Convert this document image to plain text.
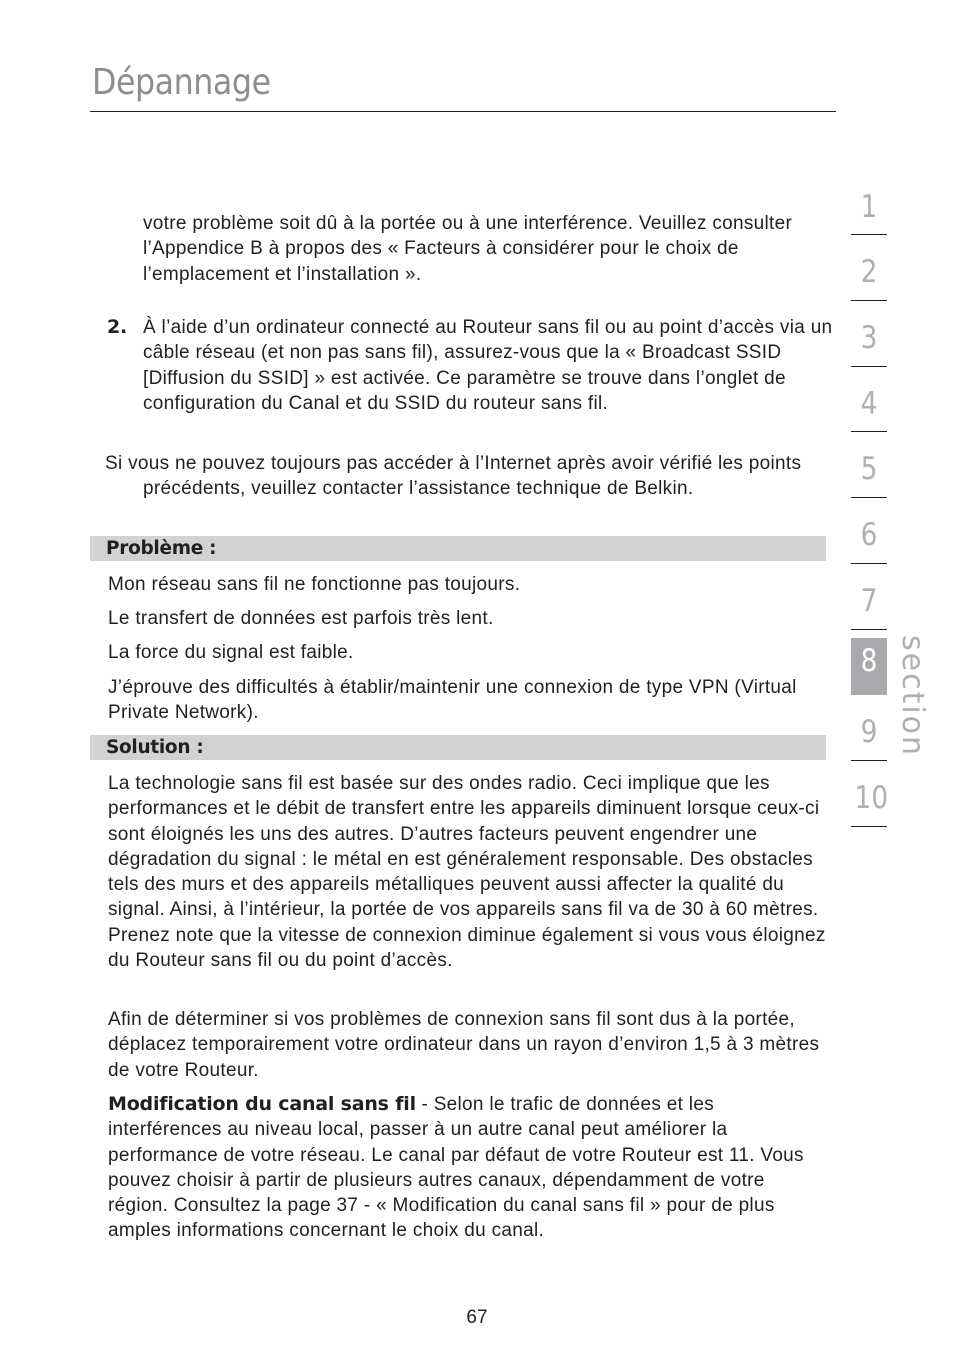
Dépannage
votre problème soit dû à la portée ou à une interférence. Veuillez consulter l’Appendice B à propos des « Facteurs à considérer pour le choix de l’emplacement et l’installation ».
2. À l’aide d’un ordinateur connecté au Routeur sans fil ou au point d’accès via un câble réseau (et non pas sans fil), assurez-vous que la « Broadcast SSID [Diffusion du SSID] » est activée. Ce paramètre se trouve dans l’onglet de configuration du Canal et du SSID du routeur sans fil.
Si vous ne pouvez toujours pas accéder à l’Internet après avoir vérifié les points précédents, veuillez contacter l’assistance technique de Belkin.
Problème :
Mon réseau sans fil ne fonctionne pas toujours.
Le transfert de données est parfois très lent.
La force du signal est faible.
J’éprouve des difficultés à établir/maintenir une connexion de type VPN (Virtual Private Network).
Solution :
La technologie sans fil est basée sur des ondes radio. Ceci implique que les performances et le débit de transfert entre les appareils diminuent lorsque ceux-ci sont éloignés les uns des autres. D’autres facteurs peuvent engendrer une dégradation du signal : le métal en est généralement responsable. Des obstacles tels des murs et des appareils métalliques peuvent aussi affecter la qualité du signal. Ainsi, à l’intérieur, la portée de vos appareils sans fil va de 30 à 60 mètres. Prenez note que la vitesse de connexion diminue également si vous vous éloignez du Routeur sans fil ou du point d’accès.
Afin de déterminer si vos problèmes de connexion sans fil sont dus à la portée, déplacez temporairement votre ordinateur dans un rayon d’environ 1,5 à 3 mètres de votre Routeur.
Modification du canal sans fil - Selon le trafic de données et les interférences au niveau local, passer à un autre canal peut améliorer la performance de votre réseau. Le canal par défaut de votre Routeur est 11. Vous pouvez choisir à partir de plusieurs autres canaux, dépendamment de votre région. Consultez la page 37 - « Modification du canal sans fil » pour de plus amples informations concernant le choix du canal.
1
2
3
4
5
6
7
8
9
10
section
67
